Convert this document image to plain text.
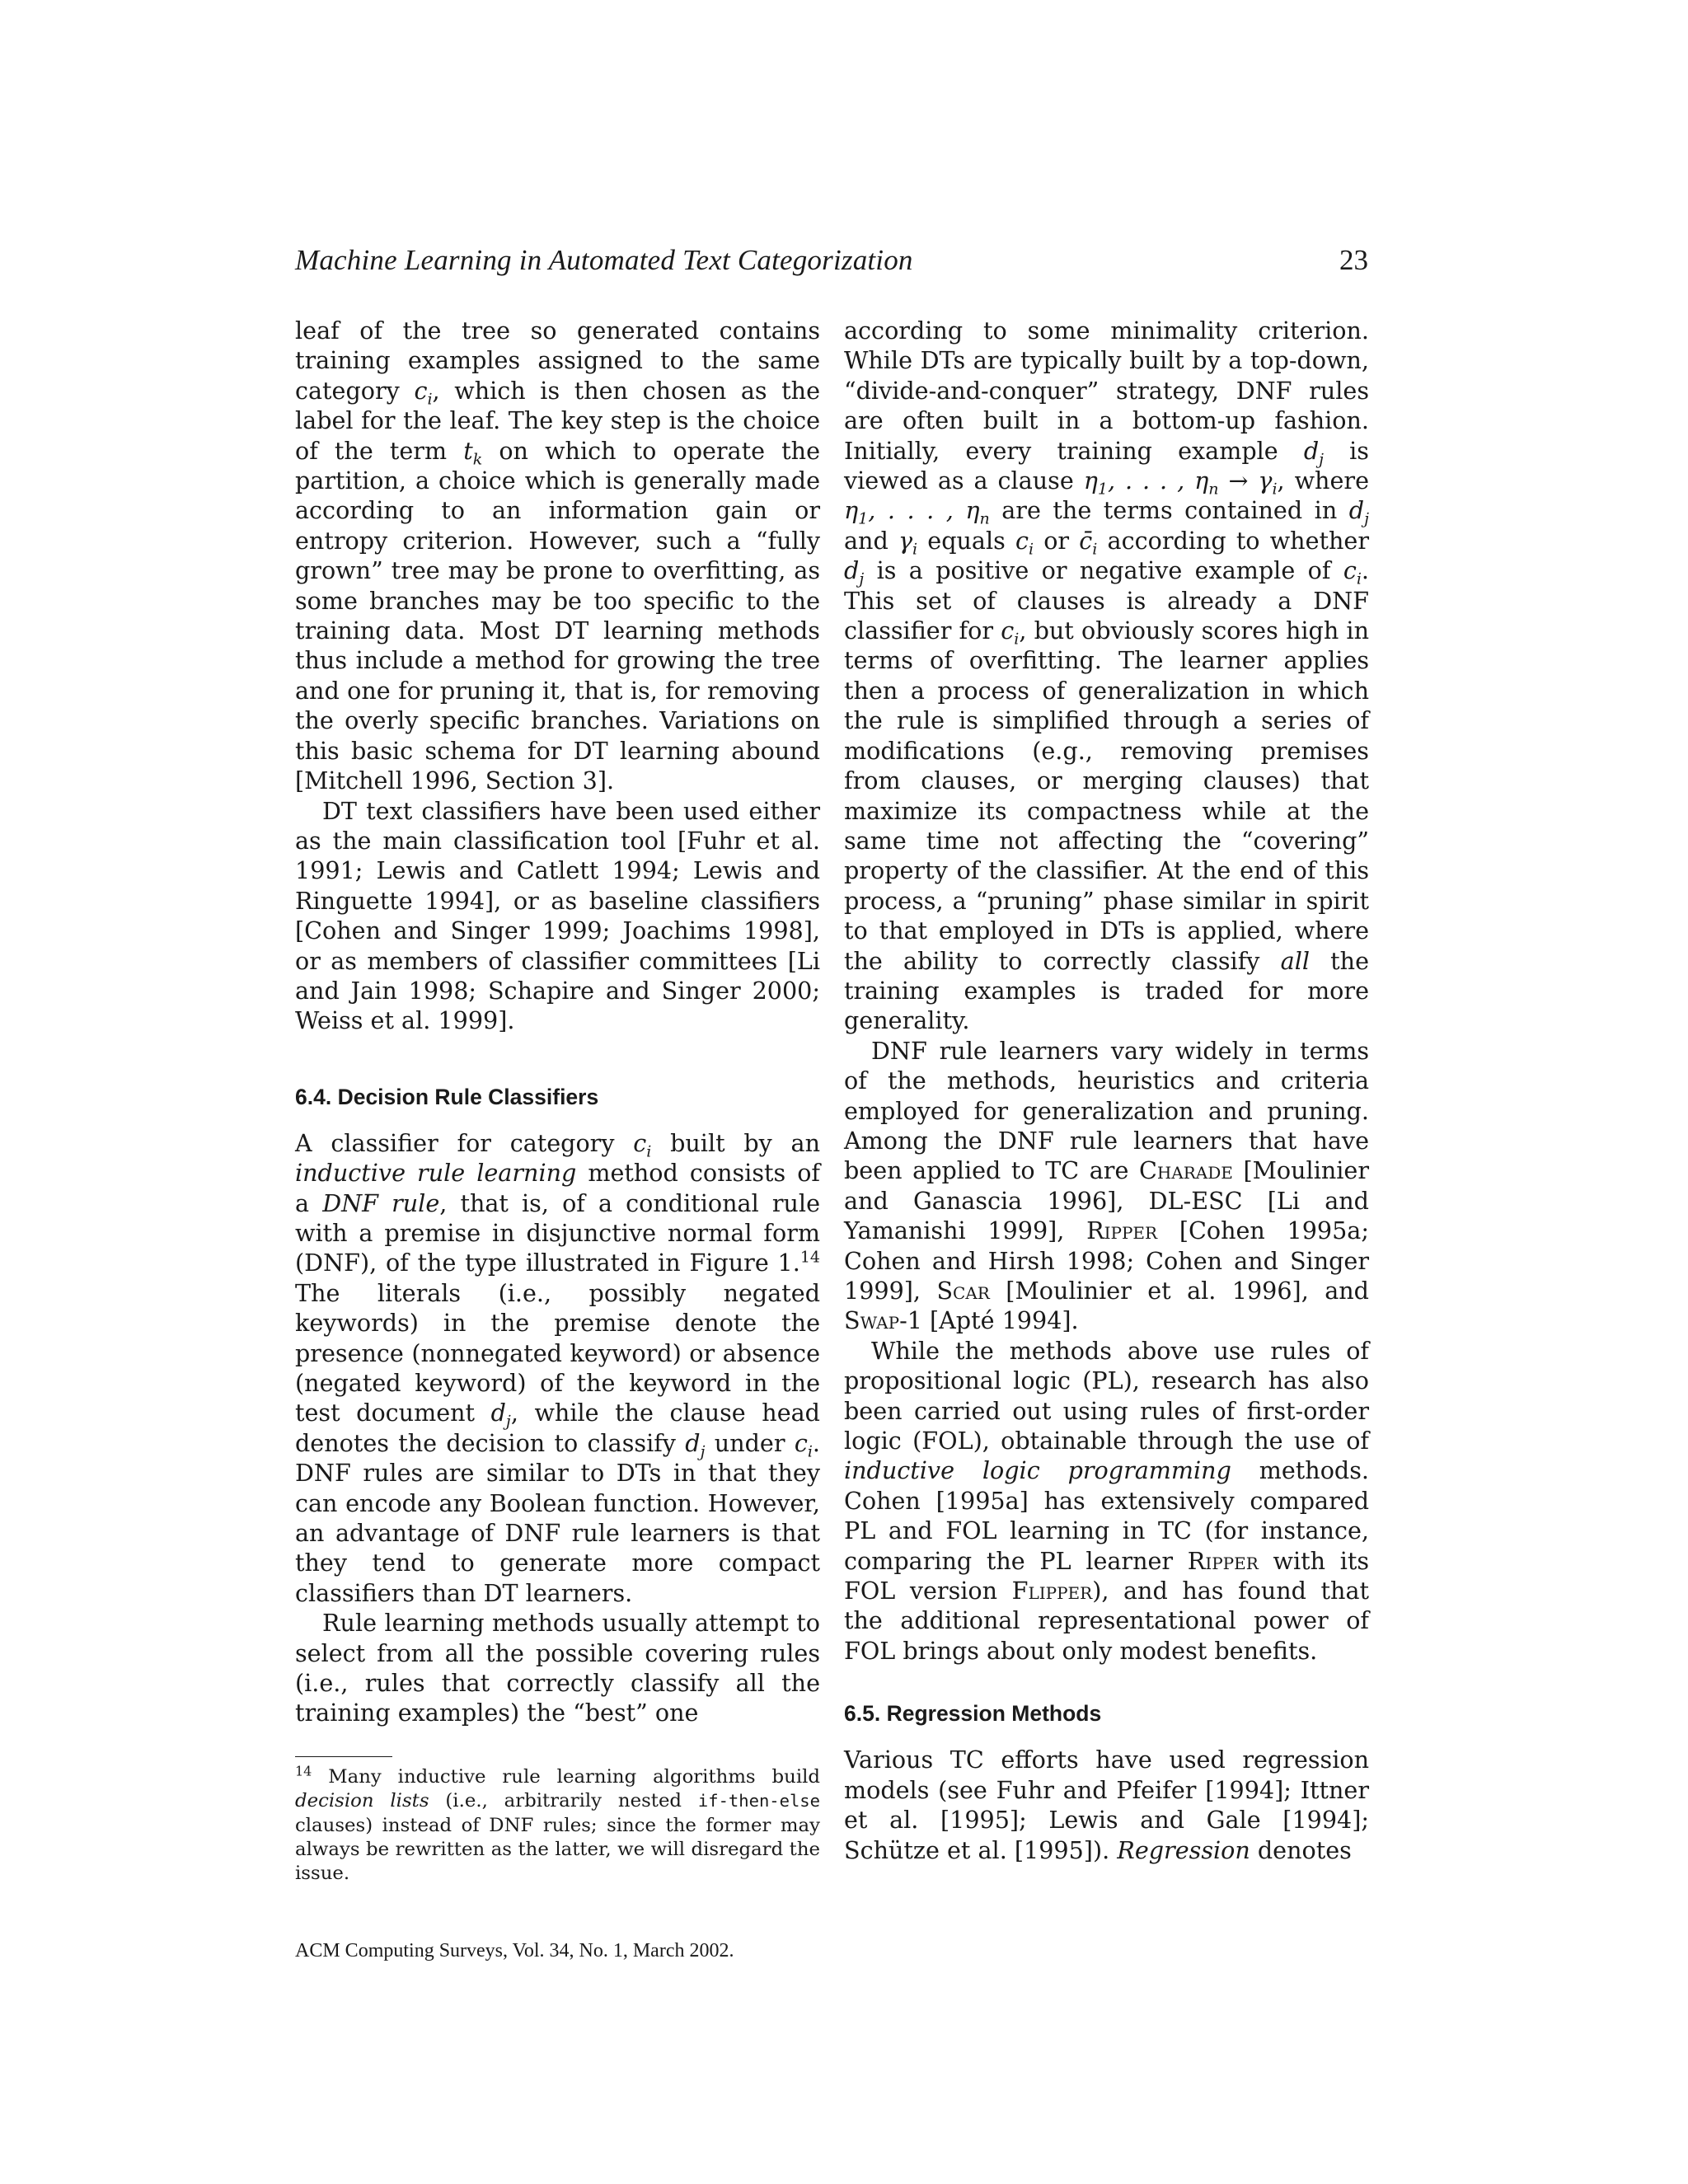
Machine Learning in Automated Text Categorization	23

leaf of the tree so generated contains training examples assigned to the same category $c_i$, which is then chosen as the label for the leaf. The key step is the choice of the term $t_k$ on which to operate the partition, a choice which is generally made according to an information gain or entropy criterion. However, such a “fully grown” tree may be prone to overfitting, as some branches may be too specific to the training data. Most DT learning methods thus include a method for growing the tree and one for pruning it, that is, for removing the overly specific branches. Variations on this basic schema for DT learning abound [Mitchell 1996, Section 3].

DT text classifiers have been used either as the main classification tool [Fuhr et al. 1991; Lewis and Catlett 1994; Lewis and Ringuette 1994], or as baseline classifiers [Cohen and Singer 1999; Joachims 1998], or as members of classifier committees [Li and Jain 1998; Schapire and Singer 2000; Weiss et al. 1999].

6.4. Decision Rule Classifiers

A classifier for category $c_i$ built by an inductive rule learning method consists of a DNF rule, that is, of a conditional rule with a premise in disjunctive normal form (DNF), of the type illustrated in Figure 1.14 The literals (i.e., possibly negated keywords) in the premise denote the presence (nonnegated keyword) or absence (negated keyword) of the keyword in the test document $d_j$, while the clause head denotes the decision to classify $d_j$ under $c_i$. DNF rules are similar to DTs in that they can encode any Boolean function. However, an advantage of DNF rule learners is that they tend to generate more compact classifiers than DT learners.

Rule learning methods usually attempt to select from all the possible covering rules (i.e., rules that correctly classify all the training examples) the “best” one

according to some minimality criterion. While DTs are typically built by a top-down, “divide-and-conquer” strategy, DNF rules are often built in a bottom-up fashion. Initially, every training example $d_j$ is viewed as a clause $\eta_1$, . . . , $\eta_n \to \gamma_i$, where $\eta_1$, . . . , $\eta_n$ are the terms contained in $d_j$ and $\gamma_i$ equals $c_i$ or $c̄_i$ according to whether $d_j$ is a positive or negative example of $c_i$. This set of clauses is already a DNF classifier for $c_i$, but obviously scores high in terms of overfitting. The learner applies then a process of generalization in which the rule is simplified through a series of modifications (e.g., removing premises from clauses, or merging clauses) that maximize its compactness while at the same time not affecting the “covering” property of the classifier. At the end of this process, a “pruning” phase similar in spirit to that employed in DTs is applied, where the ability to correctly classify all the training examples is traded for more generality.

DNF rule learners vary widely in terms of the methods, heuristics and criteria employed for generalization and pruning. Among the DNF rule learners that have been applied to TC are Charade [Moulinier and Ganascia 1996], DL-ESC [Li and Yamanishi 1999], Ripper [Cohen 1995a; Cohen and Hirsh 1998; Cohen and Singer 1999], Scar [Moulinier et al. 1996], and Swap-1 [Apté 1994].

While the methods above use rules of propositional logic (PL), research has also been carried out using rules of first-order logic (FOL), obtainable through the use of inductive logic programming methods. Cohen [1995a] has extensively compared PL and FOL learning in TC (for instance, comparing the PL learner Ripper with its FOL version Flipper), and has found that the additional representational power of FOL brings about only modest benefits.

6.5. Regression Methods

Various TC efforts have used regression models (see Fuhr and Pfeifer [1994]; Ittner et al. [1995]; Lewis and Gale [1994]; Schütze et al. [1995]). Regression denotes

$^{14}$ Many inductive rule learning algorithms build decision lists (i.e., arbitrarily nested if-then-else clauses) instead of DNF rules; since the former may always be rewritten as the latter, we will disregard the issue.

ACM Computing Surveys, Vol. 34, No. 1, March 2002.
